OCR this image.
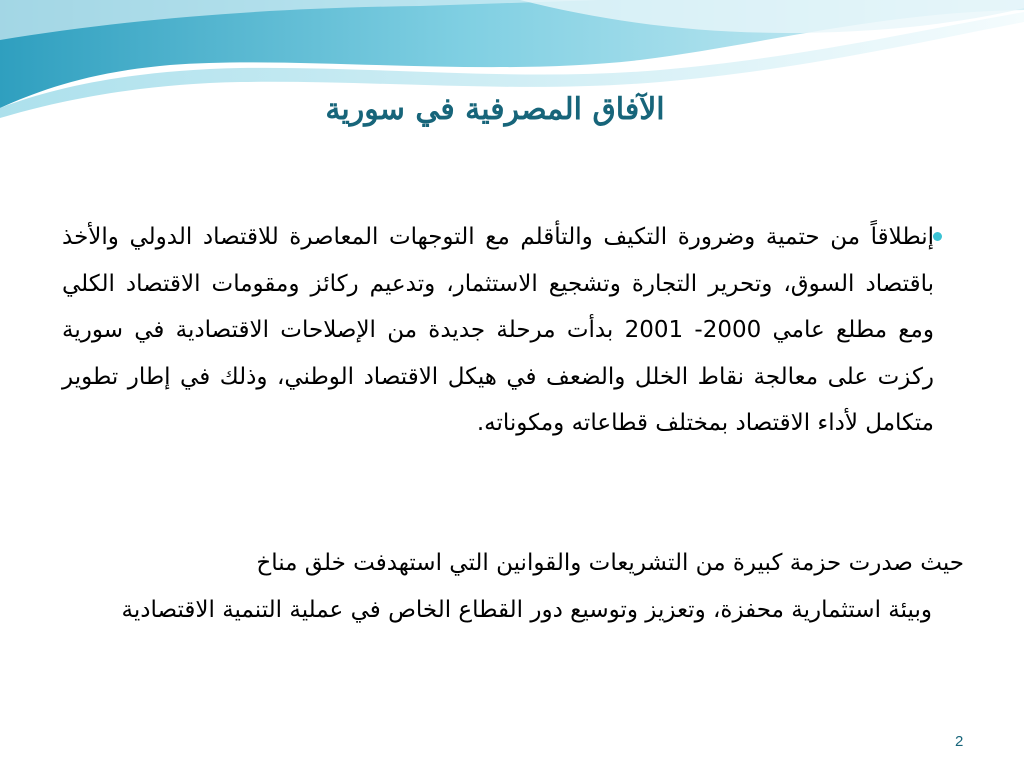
الآفاق المصرفية في سورية

إنطلاقاً من حتمية وضرورة التكيف والتأقلم مع التوجهات المعاصرة للاقتصاد الدولي والأخذ باقتصاد السوق، وتحرير التجارة وتشجيع الاستثمار، وتدعيم ركائز ومقومات الاقتصاد الكلي ومع مطلع عامي 2000- 2001 بدأت مرحلة جديدة من الإصلاحات الاقتصادية في سورية ركزت على معالجة نقاط الخلل والضعف في هيكل الاقتصاد الوطني، وذلك في إطار تطوير متكامل لأداء الاقتصاد بمختلف قطاعاته ومكوناته.

حيث صدرت حزمة كبيرة من التشريعات والقوانين التي استهدفت خلق مناخ
وبيئة استثمارية محفزة، وتعزيز وتوسيع دور القطاع الخاص في عملية التنمية الاقتصادية

2
